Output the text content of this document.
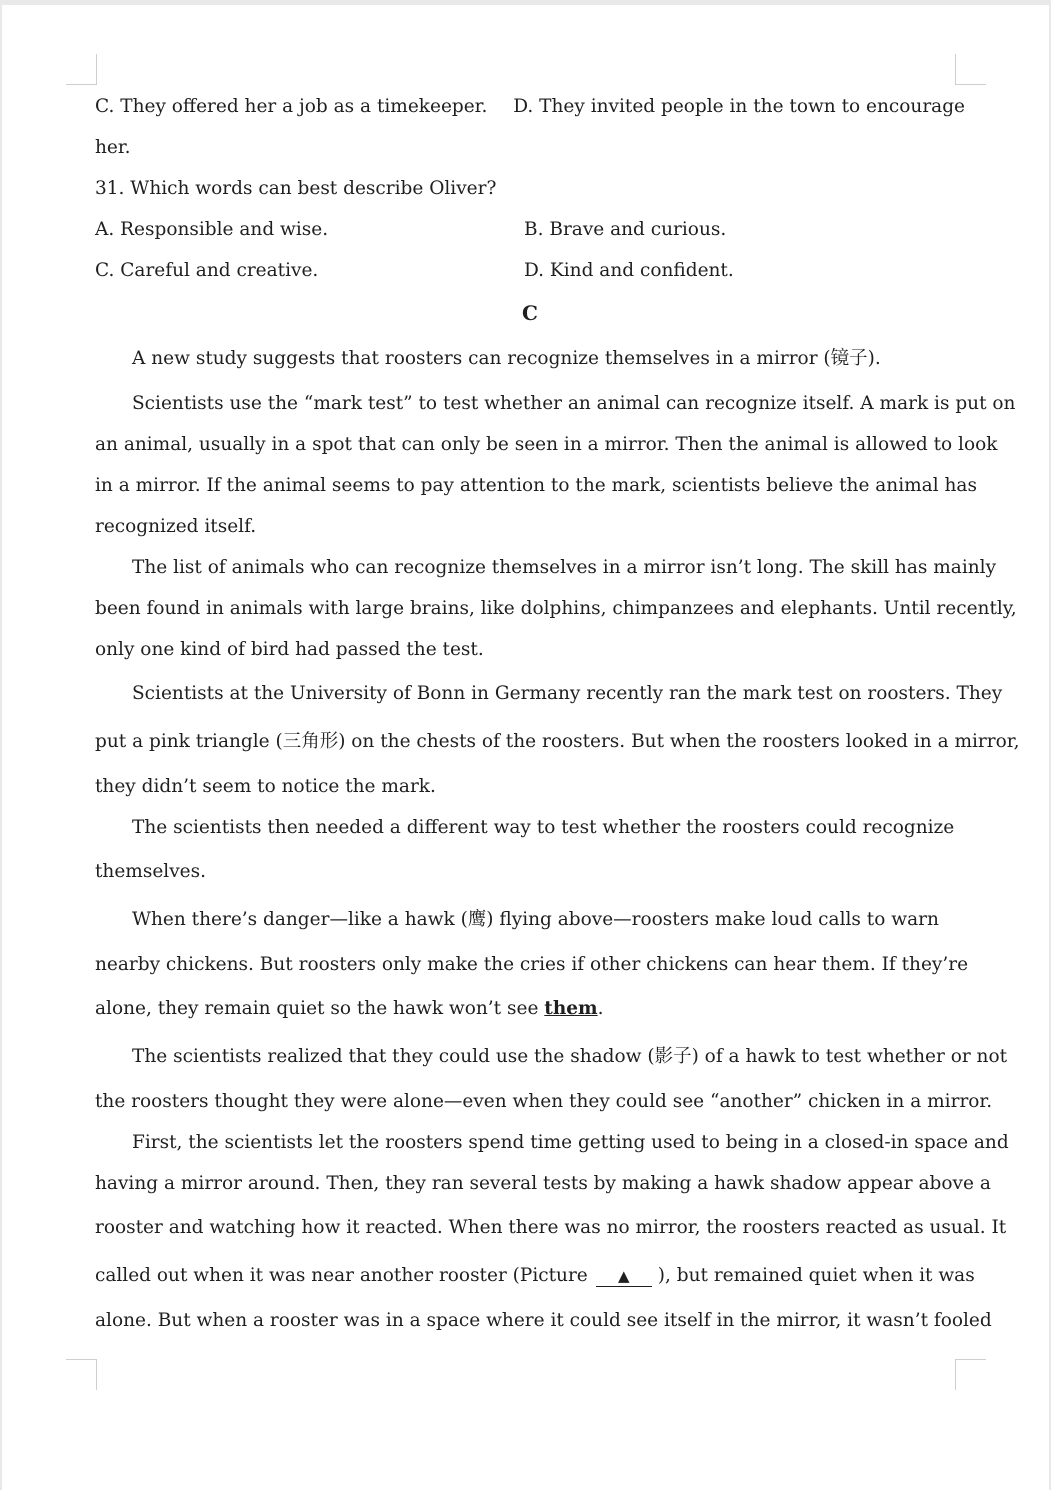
C. They offered her a job as a timekeeper.	D. They invited people in the town to encourage
her.
31. Which words can best describe Oliver?
A. Responsible and wise.	B. Brave and curious.
C. Careful and creative.	D. Kind and confident.
C
A new study suggests that roosters can recognize themselves in a mirror (镜子).
Scientists use the “mark test” to test whether an animal can recognize itself. A mark is put on
an animal, usually in a spot that can only be seen in a mirror. Then the animal is allowed to look
in a mirror. If the animal seems to pay attention to the mark, scientists believe the animal has
recognized itself.
The list of animals who can recognize themselves in a mirror isn’t long. The skill has mainly
been found in animals with large brains, like dolphins, chimpanzees and elephants. Until recently,
only one kind of bird had passed the test.
Scientists at the University of Bonn in Germany recently ran the mark test on roosters. They
put a pink triangle (三角形) on the chests of the roosters. But when the roosters looked in a mirror,
they didn’t seem to notice the mark.
The scientists then needed a different way to test whether the roosters could recognize
themselves.
When there’s danger—like a hawk (鹰) flying above—roosters make loud calls to warn
nearby chickens. But roosters only make the cries if other chickens can hear them. If they’re
alone, they remain quiet so the hawk won’t see them.
The scientists realized that they could use the shadow (影子) of a hawk to test whether or not
the roosters thought they were alone—even when they could see “another” chicken in a mirror.
First, the scientists let the roosters spend time getting used to being in a closed-in space and
having a mirror around. Then, they ran several tests by making a hawk shadow appear above a
rooster and watching how it reacted. When there was no mirror, the roosters reacted as usual. It
called out when it was near another rooster (Picture ▲ ), but remained quiet when it was
alone. But when a rooster was in a space where it could see itself in the mirror, it wasn’t fooled
